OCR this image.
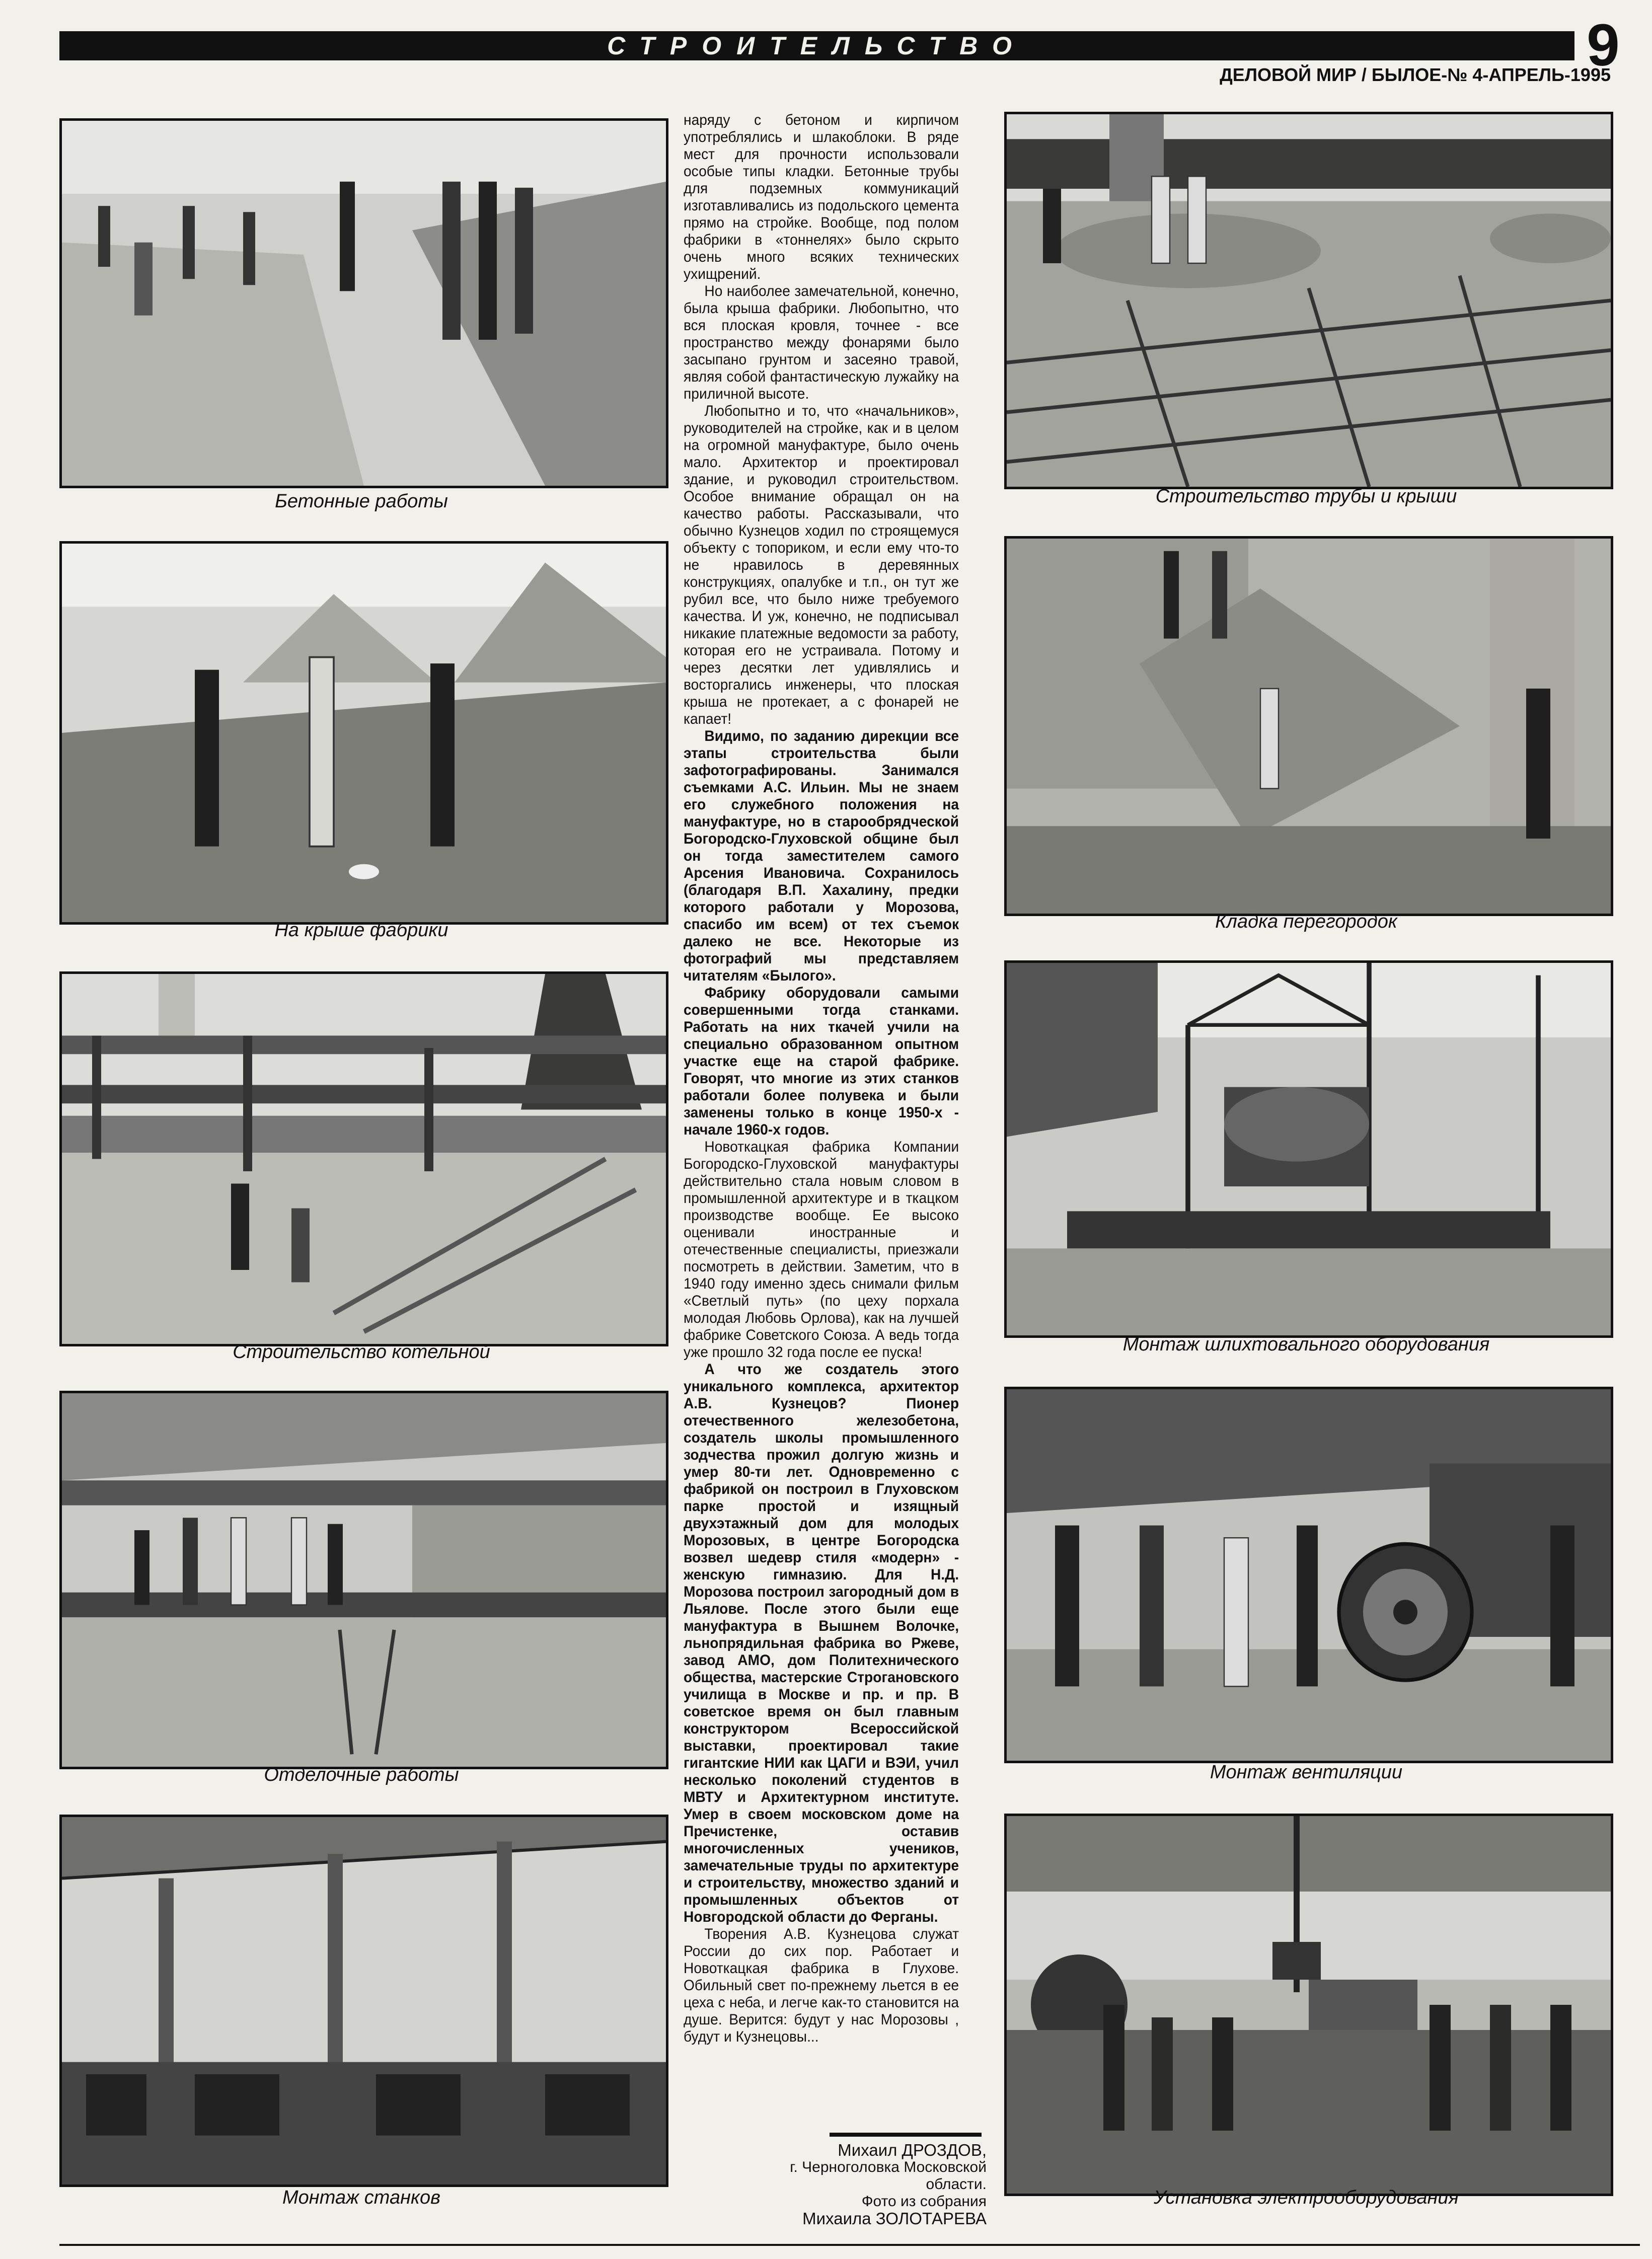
СТРОИТЕЛЬСТВО	9
ДЕЛОВОЙ МИР / БЫЛОЕ-№ 4-АПРЕЛЬ-1995
Бетонные работы
На крыше фабрики
Строительство котельной
Отделочные работы
Монтаж станков

наряду с бетоном и кирпичом употреблялись и шлакоблоки. В ряде мест для прочности использовали особые типы кладки. Бетонные трубы для подземных коммуникаций изготавливались из подольского цемента прямо на стройке. Вообще, под полом фабрики в «тоннелях» было скрыто очень много всяких технических ухищрений.

Но наиболее замечательной, конечно, была крыша фабрики. Любопытно, что вся плоская кровля, точнее - все пространство между фонарями было засыпано грунтом и засеяно травой, являя собой фантастическую лужайку на приличной высоте.

Любопытно и то, что «начальников», руководителей на стройке, как и в целом на огромной мануфактуре, было очень мало. Архитектор и проектировал здание, и руководил строительством. Особое внимание обращал он на качество работы. Рассказывали, что обычно Кузнецов ходил по строящемуся объекту с топориком, и если ему что-то не нравилось в деревянных конструкциях, опалубке и т.п., он тут же рубил все, что было ниже требуемого качества. И уж, конечно, не подписывал никакие платежные ведомости за работу, которая его не устраивала. Потому и через десятки лет удивлялись и восторгались инженеры, что плоская крыша не протекает, а с фонарей не капает!

Видимо, по заданию дирекции все этапы строительства были зафотографированы. Занимался съемками А.С. Ильин. Мы не знаем его служебного положения на мануфактуре, но в старообрядческой Богородско-Глуховской общине был он тогда заместителем самого Арсения Ивановича. Сохранилось (благодаря В.П. Хахалину, предки которого работали у Морозова, спасибо им всем) от тех съемок далеко не все. Некоторые из фотографий мы представляем читателям «Былого».

Фабрику оборудовали самыми совершенными тогда станками. Работать на них ткачей учили на специально образованном опытном участке еще на старой фабрике. Говорят, что многие из этих станков работали более полувека и были заменены только в конце 1950-х - начале 1960-х годов.

Новоткацкая фабрика Компании Богородско-Глуховской мануфактуры действительно стала новым словом в промышленной архитектуре и в ткацком производстве вообще. Ее высоко оценивали иностранные и отечественные специалисты, приезжали посмотреть в действии. Заметим, что в 1940 году именно здесь снимали фильм «Светлый путь» (по цеху порхала молодая Любовь Орлова), как на лучшей фабрике Советского Союза. А ведь тогда уже прошло 32 года после ее пуска!

А что же создатель этого уникального комплекса, архитектор А.В. Кузнецов? Пионер отечественного железобетона, создатель школы промышленного зодчества прожил долгую жизнь и умер 80-ти лет. Одновременно с фабрикой он построил в Глуховском парке простой и изящный двухэтажный дом для молодых Морозовых, в центре Богородска возвел шедевр стиля «модерн» - женскую гимназию. Для Н.Д. Морозова построил загородный дом в Льялове. После этого были еще мануфактура в Вышнем Волочке, льнопрядильная фабрика во Ржеве, завод АМО, дом Политехнического общества, мастерские Строгановского училища в Москве и пр. и пр. В советское время он был главным конструктором Всероссийской выставки, проектировал такие гигантские НИИ как ЦАГИ и ВЭИ, учил несколько поколений студентов в МВТУ и Архитектурном институте. Умер в своем московском доме на Пречистенке, оставив многочисленных учеников, замечательные труды по архитектуре и строительству, множество зданий и промышленных объектов от Новгородской области до Ферганы.

Творения А.В. Кузнецова служат России до сих пор. Работает и Новоткацкая фабрика в Глухове. Обильный свет по-прежнему льется в ее цеха с неба, и легче как-то становится на душе. Верится: будут у нас Морозовы , будут и Кузнецовы...

Михаил ДРОЗДОВ,
г. Черноголовка Московской области.
Фото из собрания
Михаила ЗОЛОТАРЕВА
Строительство трубы и крыши
Кладка перегородок
Монтаж шлихтовального оборудования
Монтаж вентиляции
Установка электрооборудования
